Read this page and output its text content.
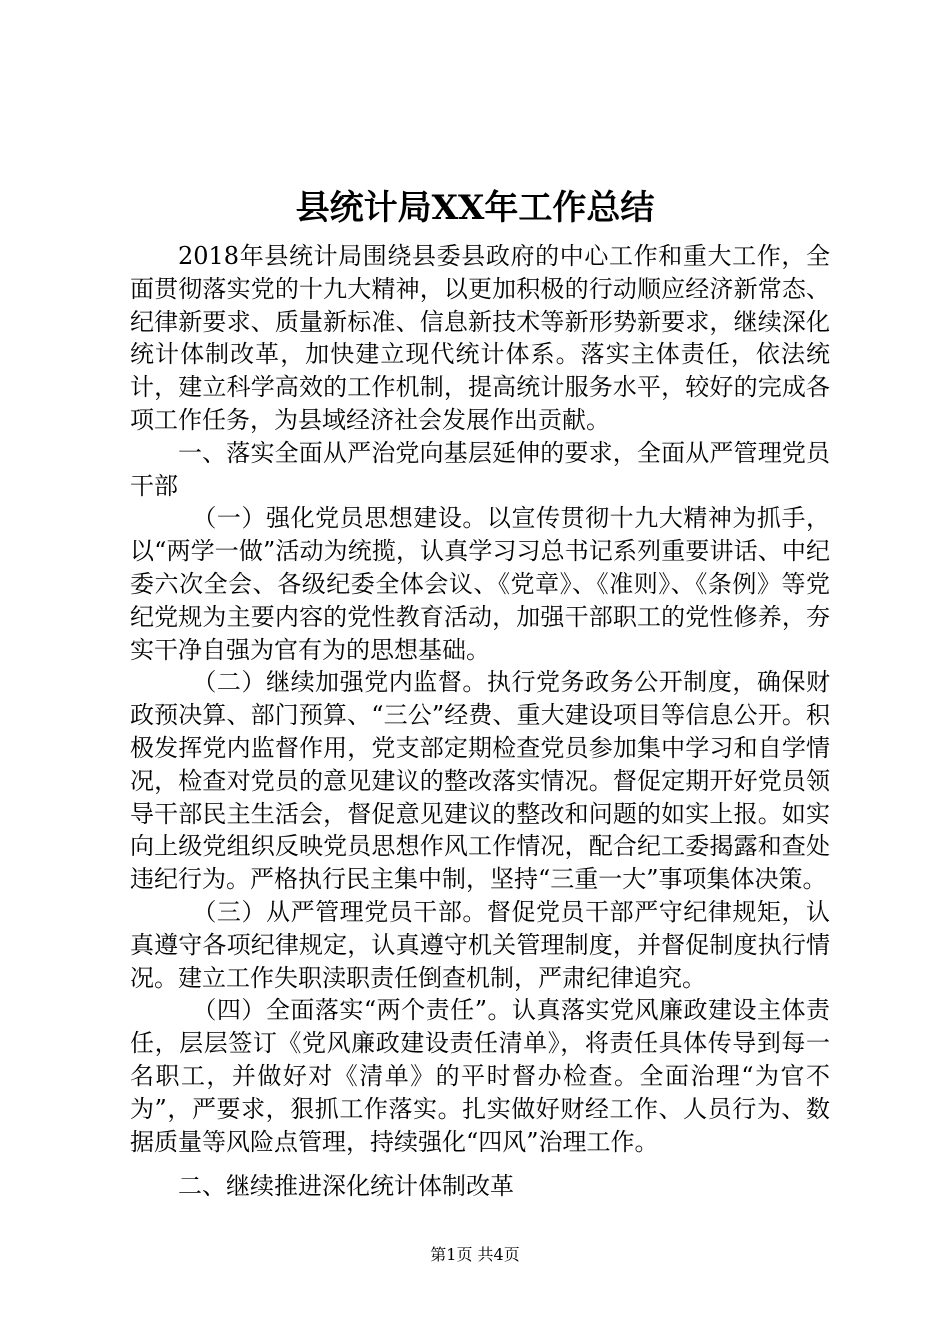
县统计局XX年工作总结

2018年县统计局围绕县委县政府的中心工作和重大工作，全面贯彻落实党的十九大精神，以更加积极的行动顺应经济新常态、纪律新要求、质量新标准、信息新技术等新形势新要求，继续深化统计体制改革，加快建立现代统计体系。落实主体责任，依法统计，建立科学高效的工作机制，提高统计服务水平，较好的完成各项工作任务，为县域经济社会发展作出贡献。

一、落实全面从严治党向基层延伸的要求，全面从严管理党员干部

（一）强化党员思想建设。以宣传贯彻十九大精神为抓手，以“两学一做”活动为统揽，认真学习习总书记系列重要讲话、中纪委六次全会、各级纪委全体会议、《党章》、《准则》、《条例》等党纪党规为主要内容的党性教育活动，加强干部职工的党性修养，夯实干净自强为官有为的思想基础。

（二）继续加强党内监督。执行党务政务公开制度，确保财政预决算、部门预算、“三公”经费、重大建设项目等信息公开。积极发挥党内监督作用，党支部定期检查党员参加集中学习和自学情况，检查对党员的意见建议的整改落实情况。督促定期开好党员领导干部民主生活会，督促意见建议的整改和问题的如实上报。如实向上级党组织反映党员思想作风工作情况，配合纪工委揭露和查处违纪行为。严格执行民主集中制，坚持“三重一大”事项集体决策。

（三）从严管理党员干部。督促党员干部严守纪律规矩，认真遵守各项纪律规定，认真遵守机关管理制度，并督促制度执行情况。建立工作失职渎职责任倒查机制，严肃纪律追究。

（四）全面落实“两个责任”。认真落实党风廉政建设主体责任，层层签订《党风廉政建设责任清单》，将责任具体传导到每一名职工，并做好对《清单》的平时督办检查。全面治理“为官不为”，严要求，狠抓工作落实。扎实做好财经工作、人员行为、数据质量等风险点管理，持续强化“四风”治理工作。

二、继续推进深化统计体制改革

第1页 共4页
